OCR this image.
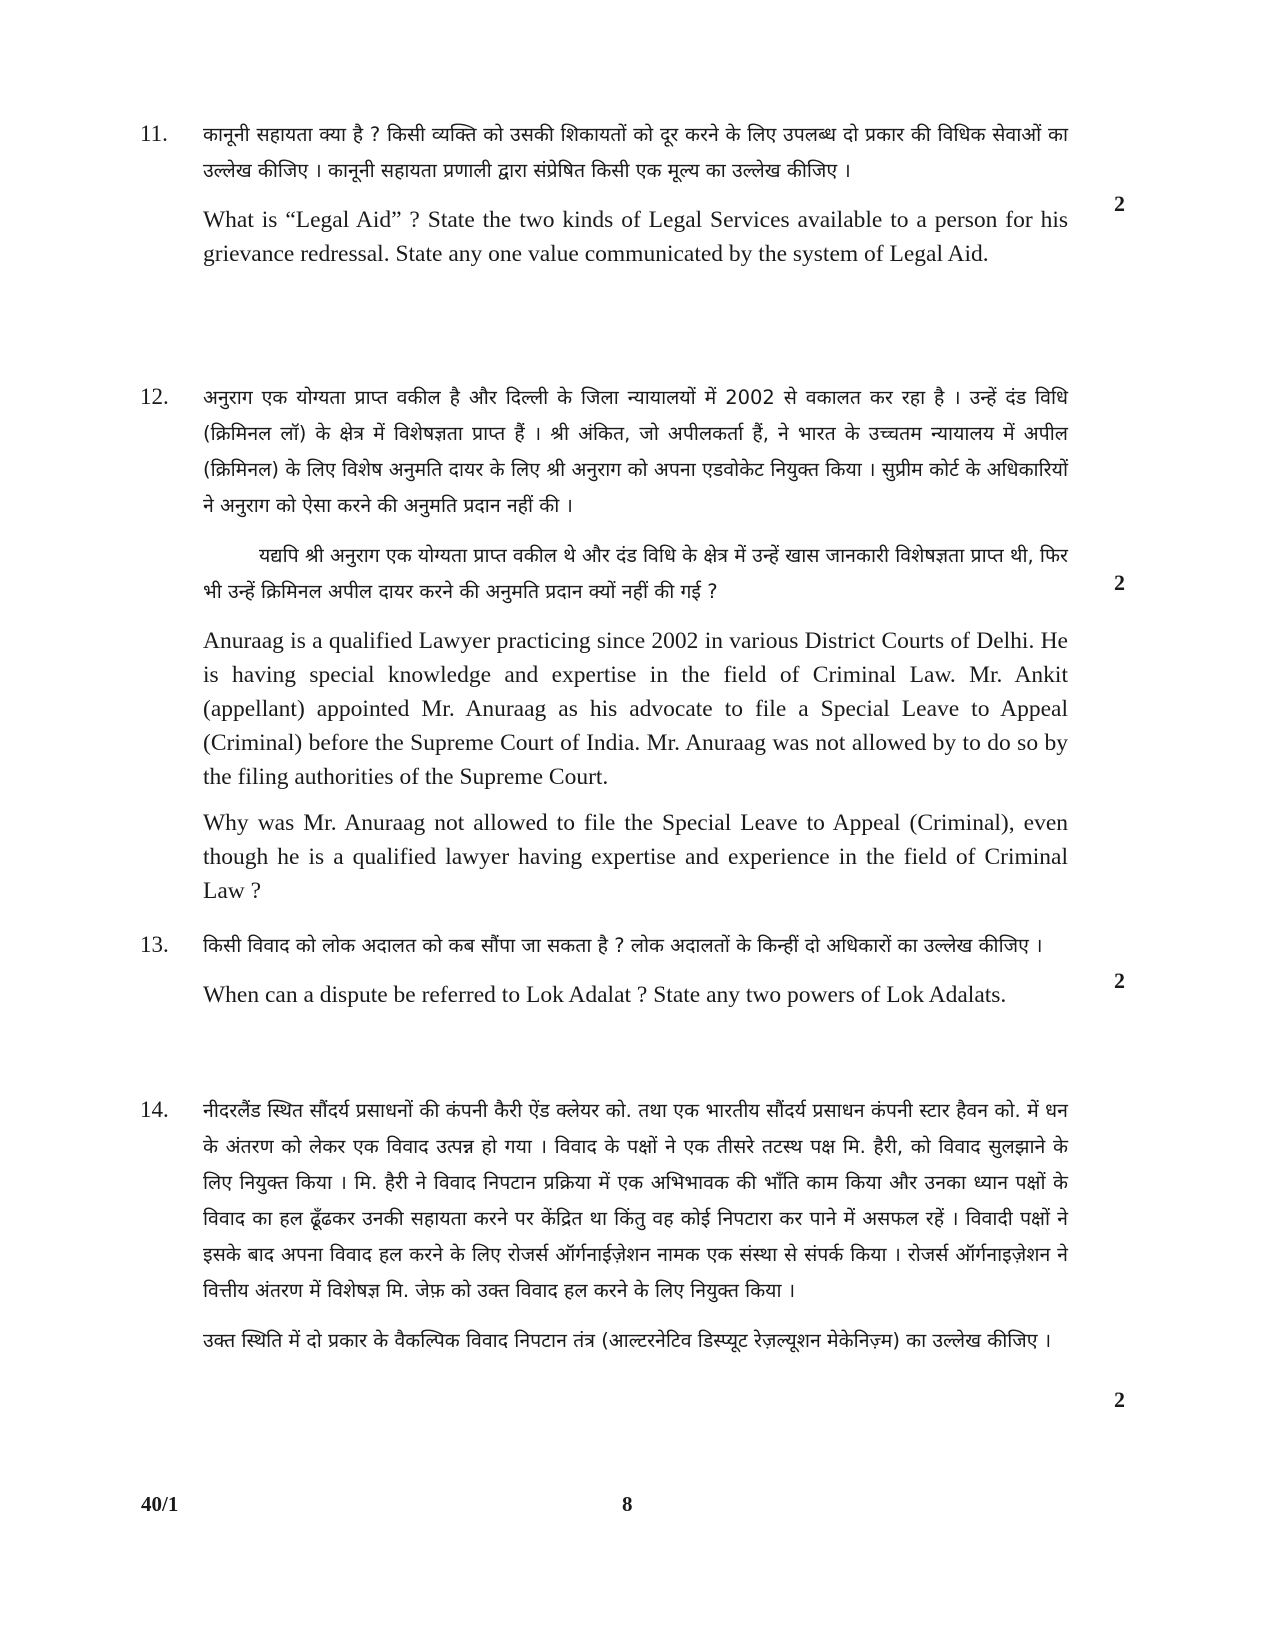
11.	कानूनी सहायता क्या है ? किसी व्यक्ति को उसकी शिकायतों को दूर करने के लिए उपलब्ध दो प्रकार की विधिक सेवाओं का उल्लेख कीजिए । कानूनी सहायता प्रणाली द्वारा संप्रेषित किसी एक मूल्य का उल्लेख कीजिए ।

What is “Legal Aid” ? State the two kinds of Legal Services available to a person for his grievance redressal. State any one value communicated by the system of Legal Aid.

2
12.	अनुराग एक योग्यता प्राप्त वकील है और दिल्ली के जिला न्यायालयों में 2002 से वकालत कर रहा है । उन्हें दंड विधि (क्रिमिनल लॉ) के क्षेत्र में विशेषज्ञता प्राप्त हैं । श्री अंकित, जो अपीलकर्ता हैं, ने भारत के उच्चतम न्यायालय में अपील (क्रिमिनल) के लिए विशेष अनुमति दायर के लिए श्री अनुराग को अपना एडवोकेट नियुक्त किया । सुप्रीम कोर्ट के अधिकारियों ने अनुराग को ऐसा करने की अनुमति प्रदान नहीं की ।

यद्यपि श्री अनुराग एक योग्यता प्राप्त वकील थे और दंड विधि के क्षेत्र में उन्हें खास जानकारी विशेषज्ञता प्राप्त थी, फिर भी उन्हें क्रिमिनल अपील दायर करने की अनुमति प्रदान क्यों नहीं की गई ?

Anuraag is a qualified Lawyer practicing since 2002 in various District Courts of Delhi. He is having special knowledge and expertise in the field of Criminal Law. Mr. Ankit (appellant) appointed Mr. Anuraag as his advocate to file a Special Leave to Appeal (Criminal) before the Supreme Court of India. Mr. Anuraag was not allowed by to do so by the filing authorities of the Supreme Court.

Why was Mr. Anuraag not allowed to file the Special Leave to Appeal (Criminal), even though he is a qualified lawyer having expertise and experience in the field of Criminal Law ?

2
13.	किसी विवाद को लोक अदालत को कब सौंपा जा सकता है ? लोक अदालतों के किन्हीं दो अधिकारों का उल्लेख कीजिए ।

When can a dispute be referred to Lok Adalat ? State any two powers of Lok Adalats.

2
14.	नीदरलैंड स्थित सौंदर्य प्रसाधनों की कंपनी कैरी ऐंड क्लेयर को. तथा एक भारतीय सौंदर्य प्रसाधन कंपनी स्टार हैवन को. में धन के अंतरण को लेकर एक विवाद उत्पन्न हो गया । विवाद के पक्षों ने एक तीसरे तटस्थ पक्ष मि. हैरी, को विवाद सुलझाने के लिए नियुक्त किया । मि. हैरी ने विवाद निपटान प्रक्रिया में एक अभिभावक की भाँति काम किया और उनका ध्यान पक्षों के विवाद का हल ढूँढकर उनकी सहायता करने पर केंद्रित था किंतु वह कोई निपटारा कर पाने में असफल रहें । विवादी पक्षों ने इसके बाद अपना विवाद हल करने के लिए रोजर्स ऑर्गनाईज़ेशन नामक एक संस्था से संपर्क किया । रोजर्स ऑर्गनाइज़ेशन ने वित्तीय अंतरण में विशेषज्ञ मि. जेफ़ को उक्त विवाद हल करने के लिए नियुक्त किया ।

उक्त स्थिति में दो प्रकार के वैकल्पिक विवाद निपटान तंत्र (आल्टरनेटिव डिस्प्यूट रेज़ल्यूशन मेकेनिज़्म) का उल्लेख कीजिए ।

2
40/1	8
